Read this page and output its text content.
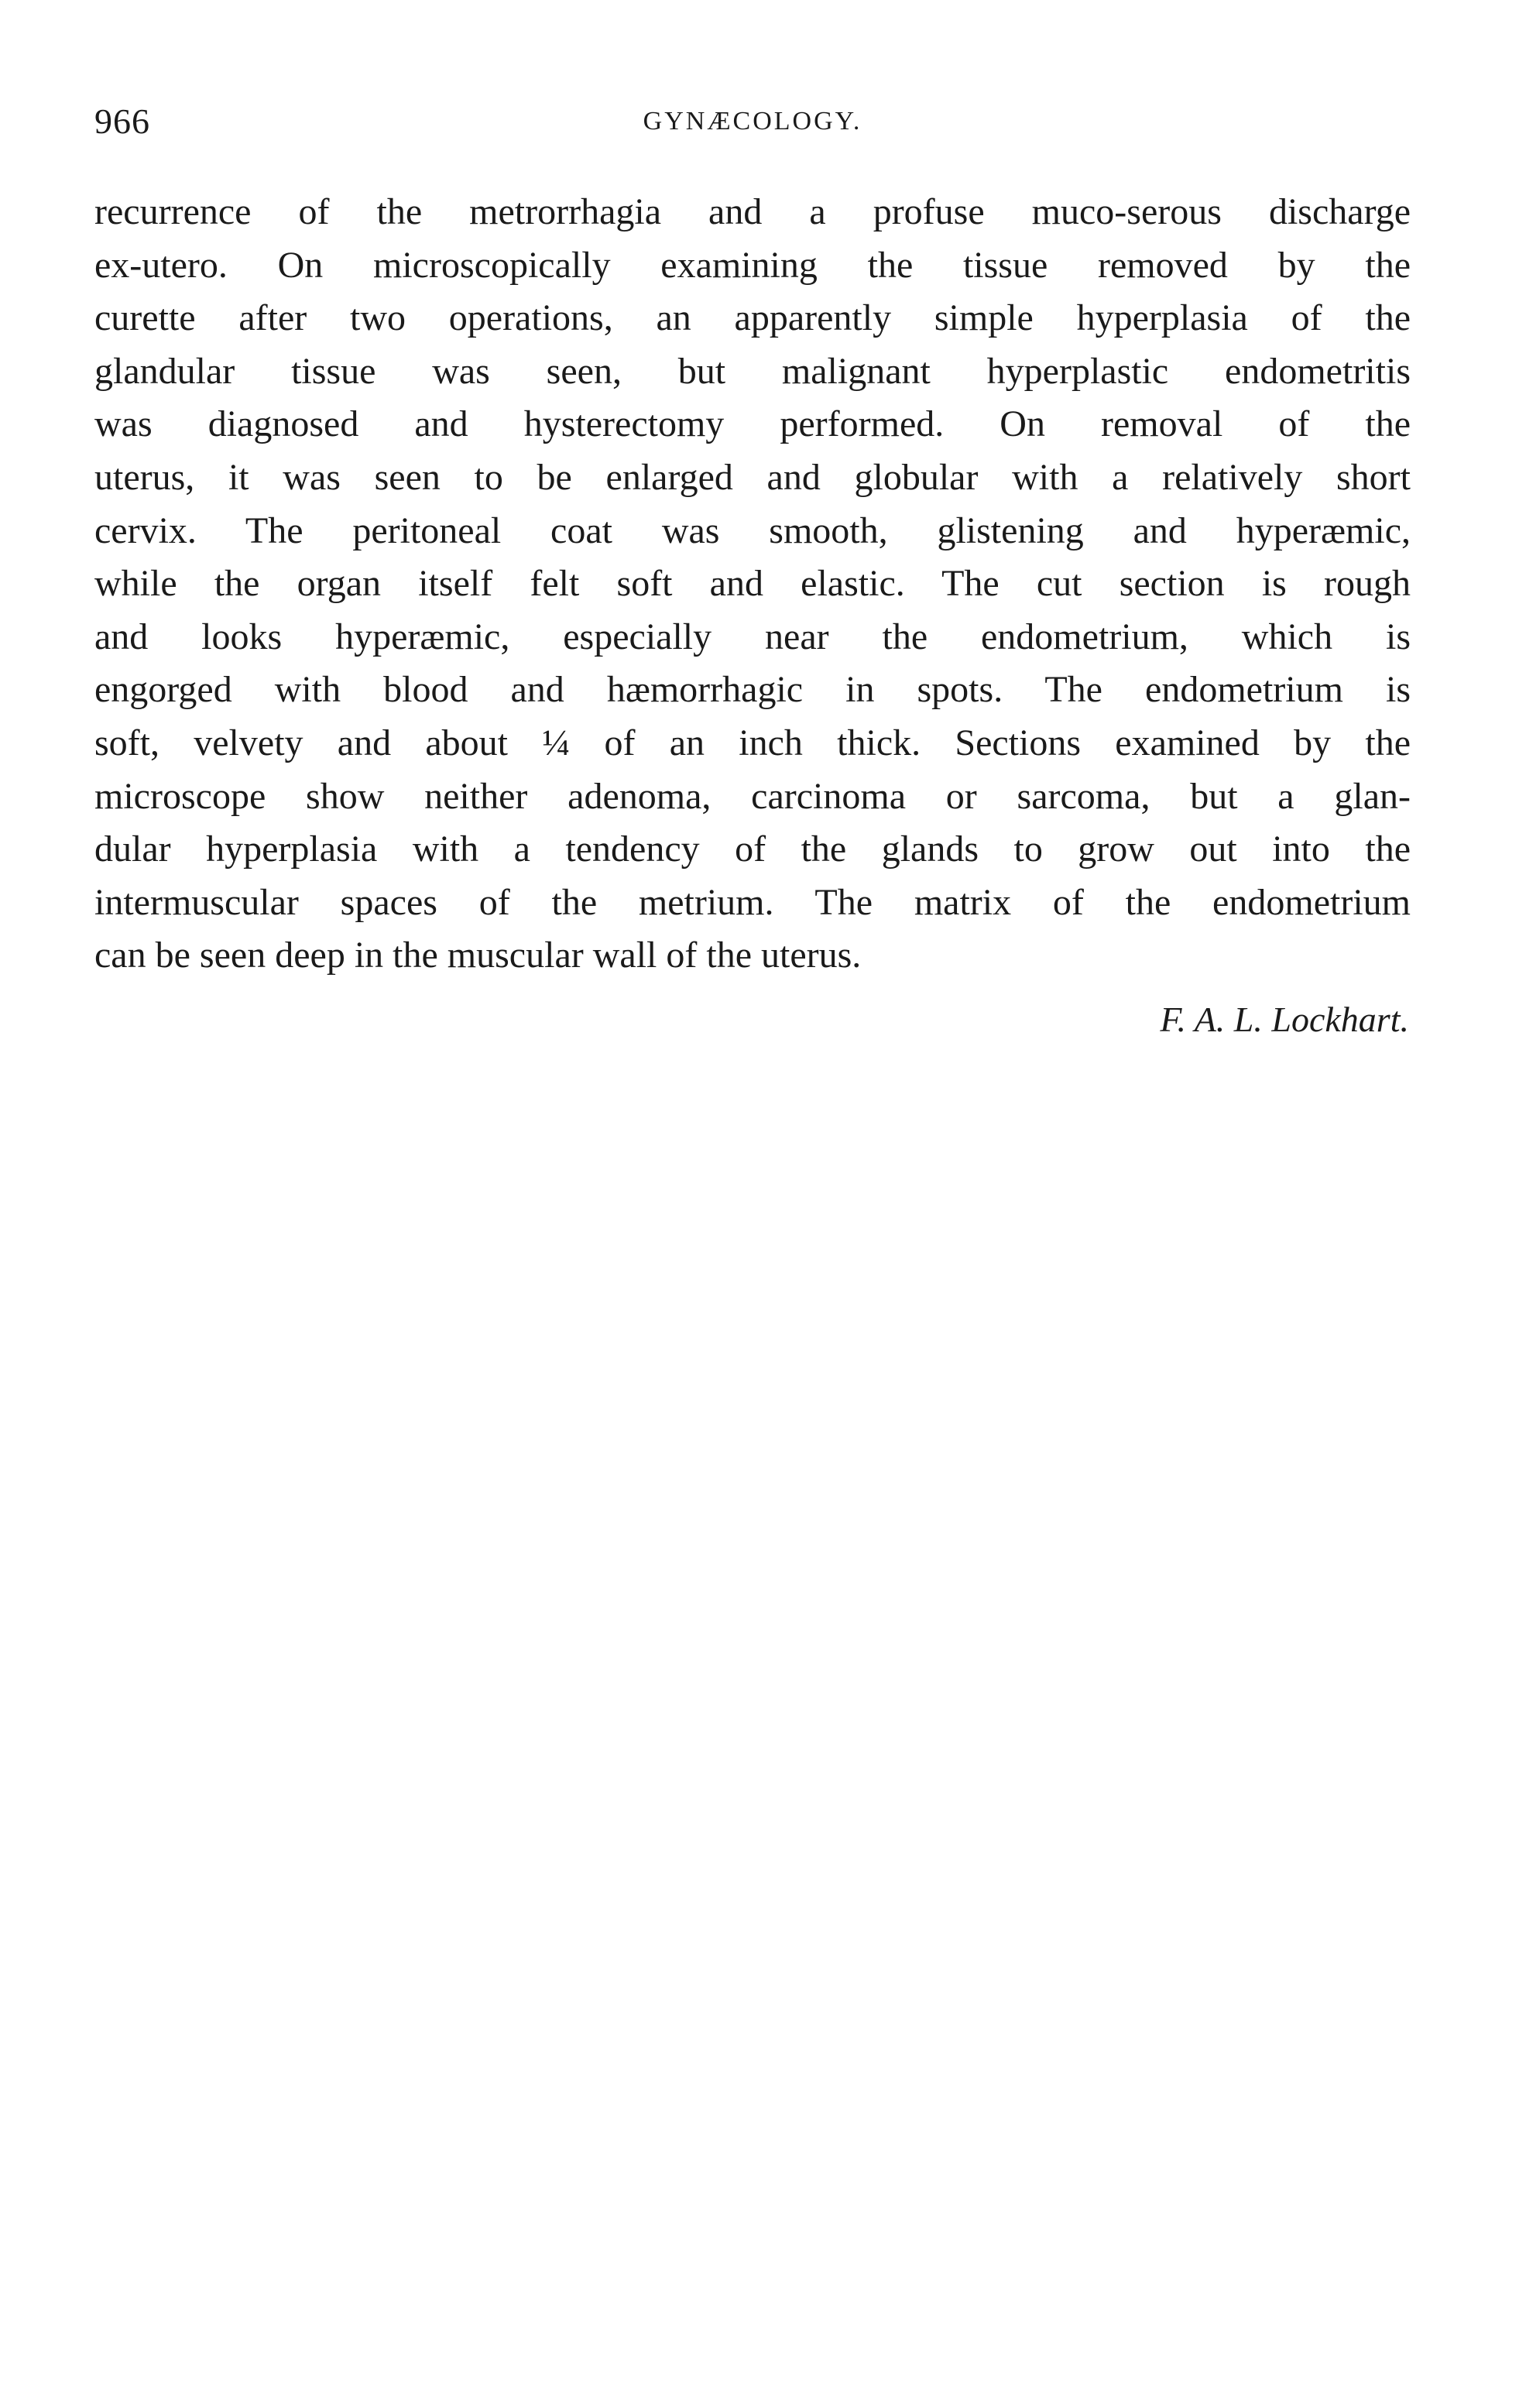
966	GYNÆCOLOGY.
recurrence of the metrorrhagia and a profuse muco-serous discharge
ex-utero. On microscopically examining the tissue removed by the
curette after two operations, an apparently simple hyperplasia of the
glandular tissue was seen, but malignant hyperplastic endometritis
was diagnosed and hysterectomy performed. On removal of the
uterus, it was seen to be enlarged and globular with a relatively short
cervix. The peritoneal coat was smooth, glistening and hyperæmic,
while the organ itself felt soft and elastic. The cut section is rough
and looks hyperæmic, especially near the endometrium, which is
engorged with blood and hæmorrhagic in spots. The endometrium is
soft, velvety and about ¼ of an inch thick. Sections examined by the
microscope show neither adenoma, carcinoma or sarcoma, but a glan-
dular hyperplasia with a tendency of the glands to grow out into the
intermuscular spaces of the metrium. The matrix of the endometrium
can be seen deep in the muscular wall of the uterus.
F. A. L. Lockhart.
